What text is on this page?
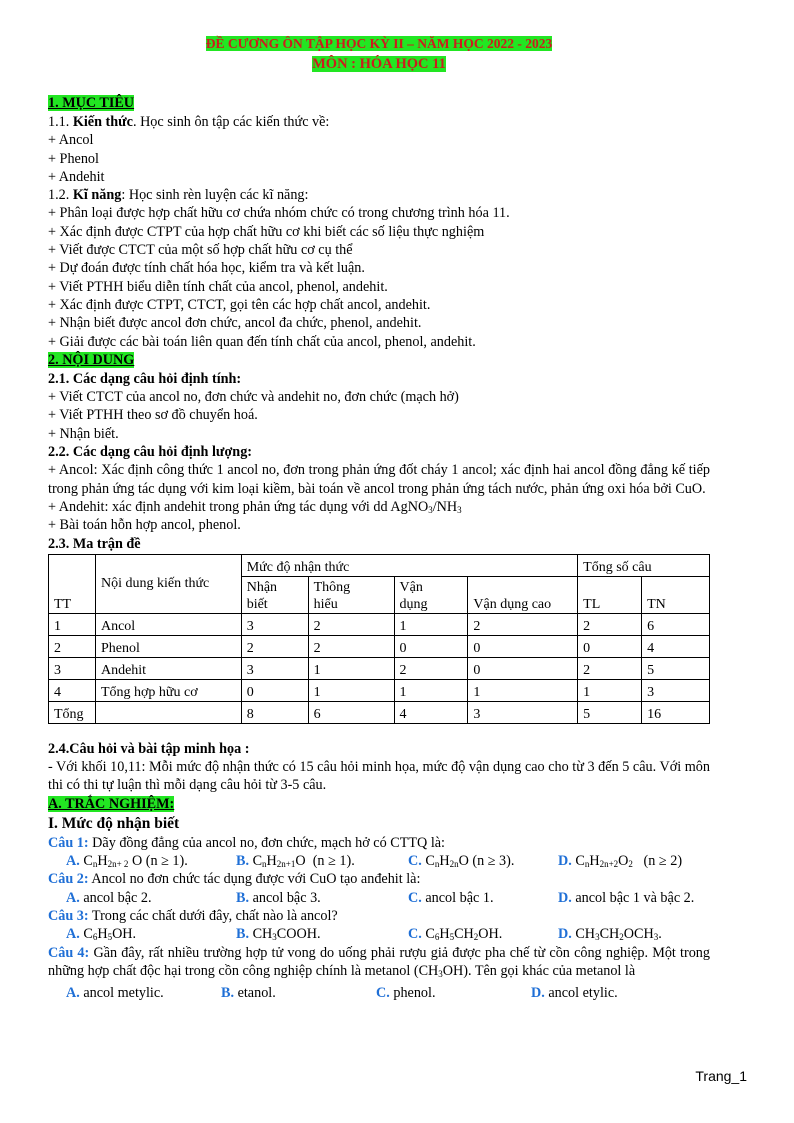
ĐỀ CƯƠNG ÔN TẬP HỌC KỲ II – NĂM HỌC 2022 - 2023
MÔN : HÓA HỌC 11
1. MỤC TIÊU
1.1. Kiến thức. Học sinh ôn tập các kiến thức về:
+ Ancol
+ Phenol
+ Andehit
1.2. Kĩ năng: Học sinh rèn luyện các kĩ năng:
+ Phân loại được hợp chất hữu cơ chứa nhóm chức có trong chương trình hóa 11.
+ Xác định được CTPT của hợp chất hữu cơ khi biết các số liệu thực nghiệm
+ Viết được CTCT của một số hợp chất hữu cơ cụ thể
+ Dự đoán được tính chất hóa học, kiểm tra và kết luận.
+ Viết PTHH biểu diễn tính chất của ancol, phenol, andehit.
+ Xác định được CTPT, CTCT, gọi tên các hợp chất ancol, andehit.
+ Nhận biết được ancol đơn chức, ancol đa chức, phenol, andehit.
+ Giải được các bài toán liên quan đến tính chất của ancol, phenol, andehit.
2. NỘI DUNG
2.1. Các dạng câu hỏi định tính:
+ Viết CTCT của ancol no, đơn chức và andehit no, đơn chức (mạch hở)
+ Viết PTHH theo sơ đồ chuyển hoá.
+ Nhận biết.
2.2. Các dạng câu hỏi định lượng:
+ Ancol: Xác định công thức 1 ancol no, đơn trong phản ứng đốt cháy 1 ancol; xác định hai ancol đồng đẳng kế tiếp trong phản ứng tác dụng với kim loại kiềm, bài toán về ancol trong phản ứng tách nước, phản ứng oxi hóa bởi CuO.
+ Andehit: xác định andehit trong phản ứng tác dụng với dd $AgNO_3/NH_3$
+ Bài toán hỗn hợp ancol, phenol.
2.3. Ma trận đề
TT	Nội dung kiến thức	Mức độ nhận thức				Tổng số câu	
		Nhận
biết	Thông
hiểu	Vận
dụng	Vận dụng cao	TL	TN
1	Ancol	3	2	1	2	2	6
2	Phenol	2	2	0	0	0	4
3	Andehit	3	1	2	0	2	5
4	Tổng hợp hữu cơ	0	1	1	1	1	3
Tổng		8	6	4	3	5	16
2.4.Câu hỏi và bài tập minh họa :
- Với khối 10,11: Mỗi mức độ nhận thức có 15 câu hỏi minh họa, mức độ vận dụng cao cho từ 3 đến 5 câu. Với môn thi có thi tự luận thì mỗi dạng câu hỏi từ 3-5 câu.
A. TRẮC NGHIỆM:
I. Mức độ nhận biết
Câu 1: Dãy đồng đẳng của ancol no, đơn chức, mạch hở có CTTQ là:
A. $C_nH_{2n+ 2}$ O (n ≥ 1).	B. $C_nH_{2n+1}O$  (n ≥ 1).	C. $C_nH_{2n}O$ (n ≥ 3).	D. $C_nH_{2n+2}O_2$   (n ≥ 2)
Câu 2: Ancol no đơn chức tác dụng được với CuO tạo anđehit là:
A. ancol bậc 2.	B. ancol bậc 3.	C. ancol bậc 1.	D. ancol bậc 1 và bậc 2.
Câu 3: Trong các chất dưới đây, chất nào là ancol?
A. $C_6H_5OH$.	B. $CH_3COOH$.	C. $C_6H_5CH_2OH$.	D. $CH_3CH_2OCH_3$.
Câu 4: Gần đây, rất nhiều trường hợp tử vong do uống phải rượu giả được pha chế từ cồn công nghiệp. Một trong những hợp chất độc hại trong cồn công nghiệp chính là metanol $(CH_3OH)$. Tên gọi khác của metanol là
A. ancol metylic.	B. etanol.	C. phenol.	D. ancol etylic.
Trang_1
